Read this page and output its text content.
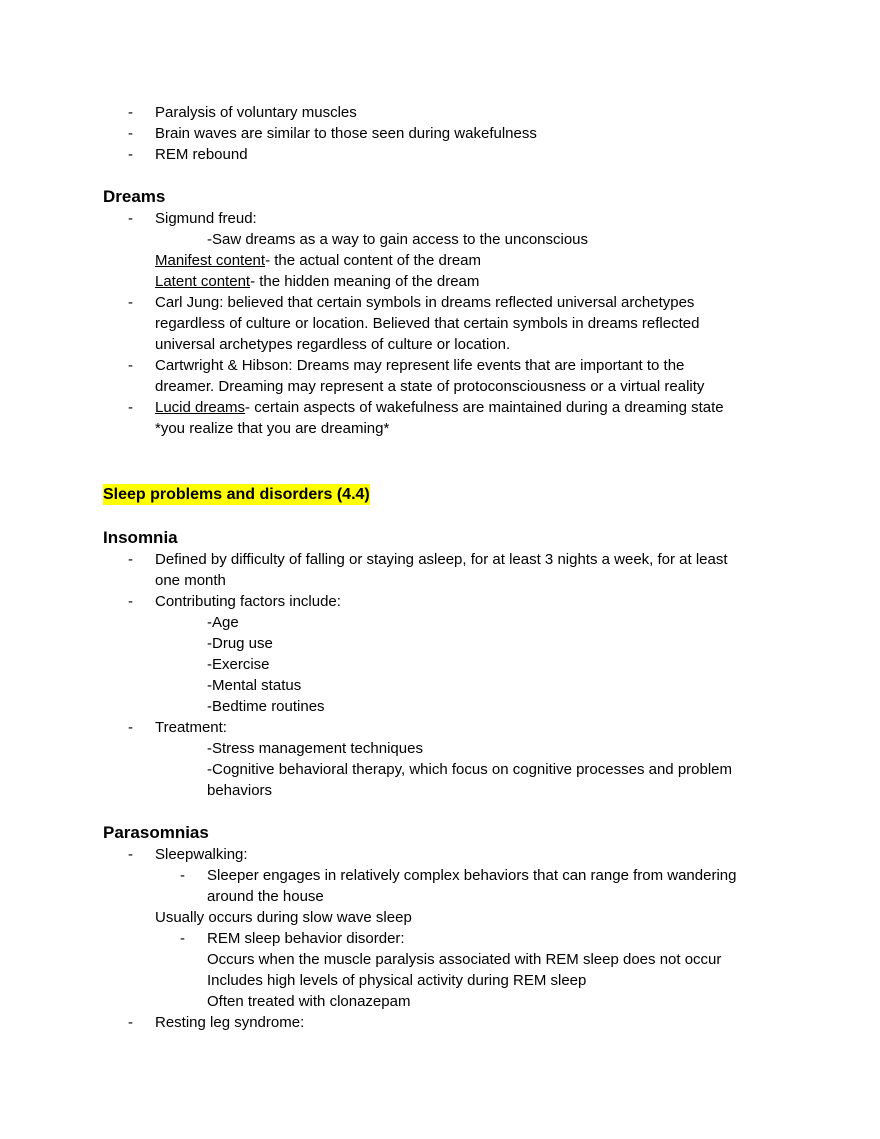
- Paralysis of voluntary muscles
- Brain waves are similar to those seen during wakefulness
- REM rebound
Dreams
- Sigmund freud:
-Saw dreams as a way to gain access to the unconscious
Manifest content- the actual content of the dream
Latent content- the hidden meaning of the dream
- Carl Jung: believed that certain symbols in dreams reflected universal archetypes
regardless of culture or location. Believed that certain symbols in dreams reflected
universal archetypes regardless of culture or location.
- Cartwright & Hibson: Dreams may represent life events that are important to the
dreamer. Dreaming may represent a state of protoconsciousness or a virtual reality
- Lucid dreams- certain aspects of wakefulness are maintained during a dreaming state
*you realize that you are dreaming*
Sleep problems and disorders (4.4)
Insomnia
- Defined by difficulty of falling or staying asleep, for at least 3 nights a week, for at least
one month
- Contributing factors include:
-Age
-Drug use
-Exercise
-Mental status
-Bedtime routines
- Treatment:
-Stress management techniques
-Cognitive behavioral therapy, which focus on cognitive processes and problem
behaviors
Parasomnias
- Sleepwalking:
- Sleeper engages in relatively complex behaviors that can range from wandering
around the house
Usually occurs during slow wave sleep
- REM sleep behavior disorder:
Occurs when the muscle paralysis associated with REM sleep does not occur
Includes high levels of physical activity during REM sleep
Often treated with clonazepam
- Resting leg syndrome:
